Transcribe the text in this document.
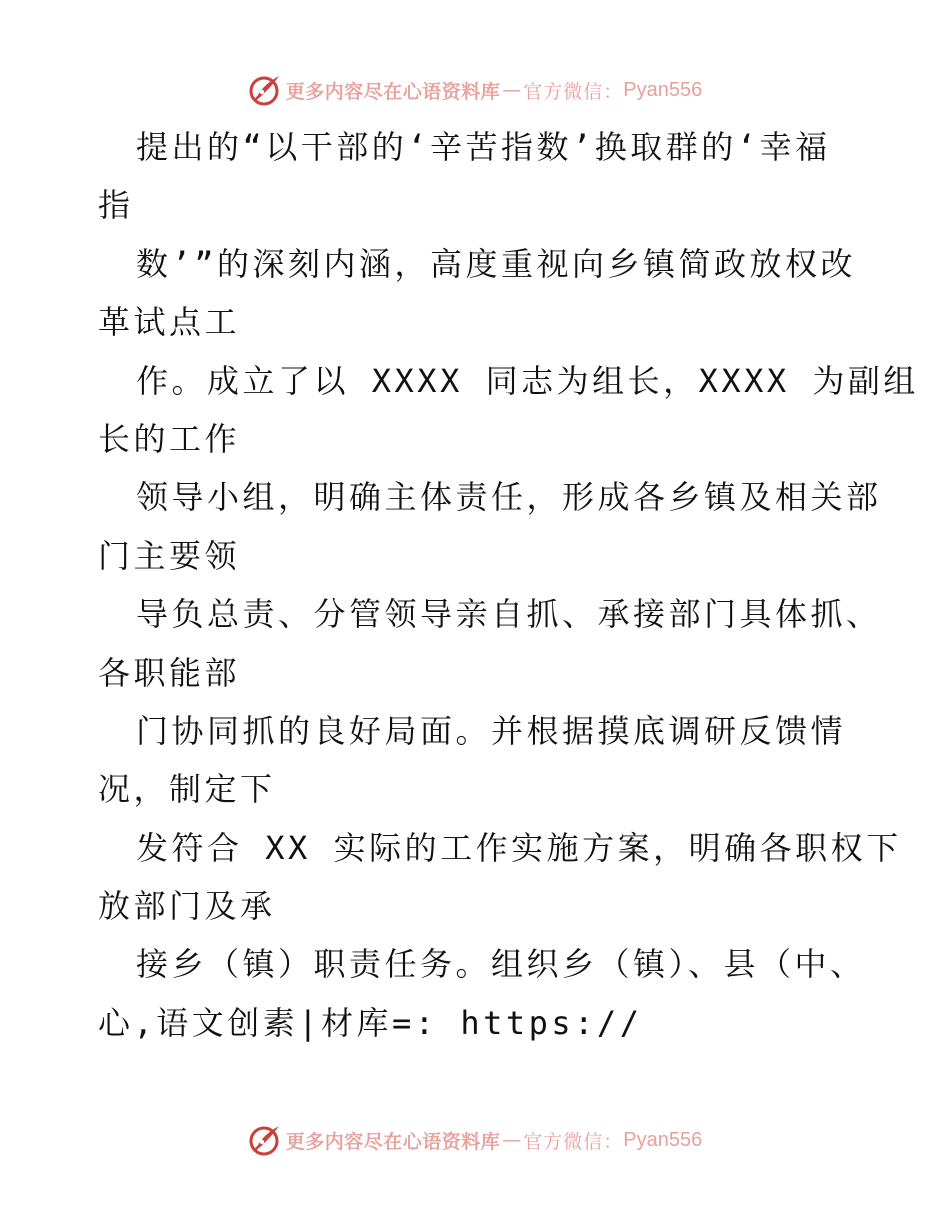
更多内容尽在心语资料库 — 官方微信： Pyan556
提出的“以干部的‘辛苦指数’换取群的‘幸福
指
数’”的深刻内涵，高度重视向乡镇简政放权改
革试点工
作。成立了以 XXXX 同志为组长，XXXX 为副组
长的工作
领导小组，明确主体责任，形成各乡镇及相关部
门主要领
导负总责、分管领导亲自抓、承接部门具体抓、
各职能部
门协同抓的良好局面。并根据摸底调研反馈情
况，制定下
发符合 XX 实际的工作实施方案，明确各职权下
放部门及承
接乡（镇）职责任务。组织乡（镇）、县（中、
心,语文创素|材库=: https://
更多内容尽在心语资料库 — 官方微信： Pyan556
